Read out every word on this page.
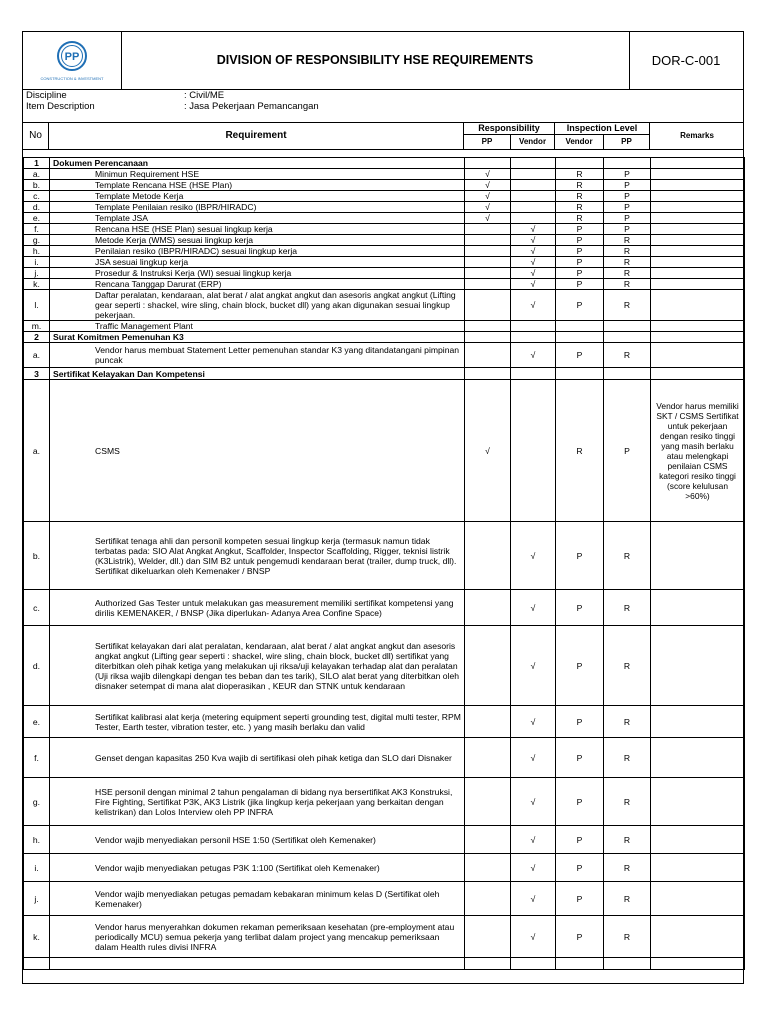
PP
CONSTRUCTION & INVESTMENT
DIVISION OF RESPONSIBILITY HSE REQUIREMENTS	DOR-C-001
Discipline	: Civil/ME
Item Description	: Jasa Pekerjaan Pemancangan
No	Requirement
Responsibility
PP	Vendor
Inspection Level
Vendor	PP
Remarks
1	Dokumen Perencanaan					
a.	Minimun Requirement HSE	√		R	P	
b.	Template Rencana HSE (HSE Plan)	√		R	P	
c.	Template Metode Kerja	√		R	P	
d.	Template Penilaian resiko (IBPR/HIRADC)	√		R	P	
e.	Template JSA	√		R	P	
f.	Rencana HSE (HSE Plan) sesuai lingkup kerja		√	P	P	
g.	Metode Kerja (WMS) sesuai lingkup kerja		√	P	R	
h.	Penilaian resiko (IBPR/HIRADC) sesuai lingkup kerja		√	P	R	
i.	JSA sesuai lingkup kerja		√	P	R	
j.	Prosedur & Instruksi Kerja (WI) sesuai lingkup kerja		√	P	R	
k.	Rencana Tanggap Darurat (ERP)		√	P	R	
l.	Daftar peralatan, kendaraan, alat berat / alat angkat angkut dan asesoris angkat angkut (Lifting gear seperti : shackel, wire sling, chain block, bucket dll) yang akan digunakan sesuai lingkup pekerjaan.		√	P	R	
m.	Traffic Management Plant					
2	Surat Komitmen Pemenuhan K3					
a.	Vendor harus membuat Statement Letter pemenuhan standar K3 yang ditandatangani pimpinan puncak		√	P	R	
3	Sertifikat Kelayakan Dan Kompetensi					
a.	CSMS	√		R	P	Vendor harus memiliki SKT / CSMS Sertifikat untuk pekerjaan dengan resiko tinggi yang masih berlaku atau melengkapi penilaian CSMS kategori resiko tinggi (score kelulusan >60%)
b.	Sertifikat tenaga ahli dan personil kompeten sesuai lingkup kerja (termasuk namun tidak terbatas pada: SIO Alat Angkat Angkut, Scaffolder, Inspector Scaffolding, Rigger, teknisi listrik (K3Listrik), Welder, dll.) dan SIM B2 untuk pengemudi kendaraan berat (trailer, dump truck, dll). Sertifikat dikeluarkan oleh Kemenaker / BNSP		√	P	R	
c.	Authorized Gas Tester untuk melakukan gas measurement memiliki sertifikat kompetensi yang dirilis KEMENAKER, / BNSP (Jika diperlukan- Adanya Area Confine Space)		√	P	R	
d.	Sertifikat kelayakan dari alat peralatan, kendaraan, alat berat / alat angkat angkut dan asesoris angkat angkut (Lifting gear seperti : shackel, wire sling, chain block, bucket dll) sertifikat yang diterbitkan oleh pihak ketiga yang melakukan uji riksa/uji kelayakan terhadap alat dan peralatan (Uji riksa wajib dilengkapi dengan tes beban dan tes tarik), SILO alat berat yang diterbitkan oleh disnaker setempat di mana alat dioperasikan , KEUR dan STNK untuk kendaraan		√	P	R	
e.	Sertifikat kalibrasi alat kerja (metering equipment seperti grounding test, digital multi tester, RPM Tester, Earth tester, vibration tester, etc. ) yang masih berlaku dan valid		√	P	R	
f.	Genset dengan kapasitas 250 Kva wajib di sertifikasi oleh pihak ketiga dan SLO dari Disnaker		√	P	R	
g.	HSE personil dengan minimal 2 tahun pengalaman di bidang nya bersertifikat AK3 Konstruksi, Fire Fighting, Sertifikat P3K, AK3 Listrik (jika lingkup kerja pekerjaan yang berkaitan dengan kelistrikan) dan Lolos Interview oleh PP INFRA		√	P	R	
h.	Vendor wajib menyediakan personil HSE 1:50 (Sertifikat oleh Kemenaker)		√	P	R	
i.	Vendor wajib menyediakan petugas P3K 1:100 (Sertifikat oleh Kemenaker)		√	P	R	
j.	Vendor wajib menyediakan petugas pemadam kebakaran minimum kelas D (Sertifikat oleh Kemenaker)		√	P	R	
k.	Vendor harus menyerahkan dokumen rekaman pemeriksaan kesehatan (pre-employment atau periodically MCU) semua pekerja yang terlibat dalam project yang mencakup pemeriksaan dalam Health rules divisi INFRA		√	P	R	
